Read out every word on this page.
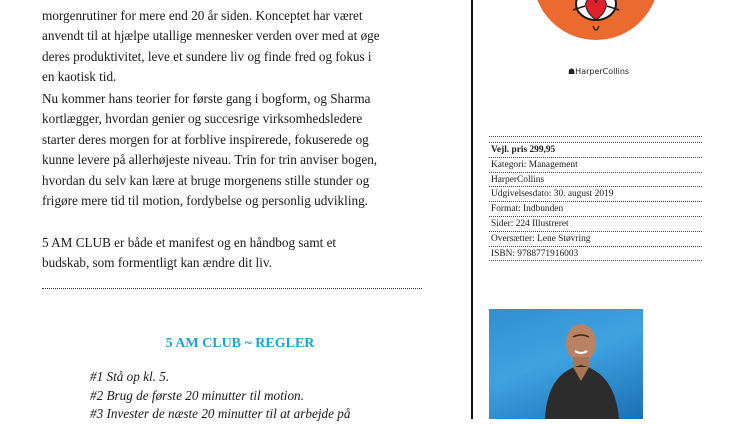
morgenrutiner for mere end 20 år siden. Konceptet har været

anvendt til at hjælpe utallige mennesker verden over med at øge

deres produktivitet, leve et sundere liv og finde fred og fokus i

en kaotisk tid.

Nu kommer hans teorier for første gang i bogform, og Sharma

kortlægger, hvordan genier og succesrige virksomhedsledere

starter deres morgen for at forblive inspirerede, fokuserede og

kunne levere på allerhøjeste niveau. Trin for trin anviser bogen,

hvordan du selv kan lære at bruge morgenens stille stunder og

frigøre mere tid til motion, fordybelse og personlig udvikling.

5 AM CLUB er både et manifest og en håndbog samt et

budskab, som formentligt kan ændre dit liv.

5 AM CLUB ~ REGLER
#1 Stå op kl. 5.
#2 Brug de første 20 minutter til motion.
#3 Invester de næste 20 minutter til at arbejde på
☗HarperCollins
Vejl. pris 299,95
Kategori: Management
HarperCollins
Udgivelsesdato: 30. august 2019
Format: Indbunden
Sider: 224 Illustreret
Oversætter: Lene Støvring
ISBN: 9788771916003
